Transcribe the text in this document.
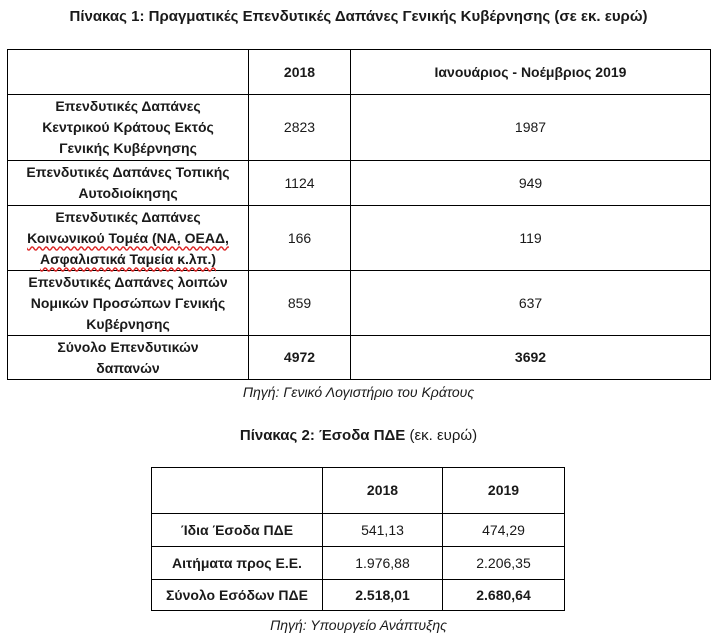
Πίνακας 1: Πραγματικές Επενδυτικές Δαπάνες Γενικής Κυβέρνησης (σε εκ. ευρώ)
	2018	Ιανουάριος - Νοέμβριος 2019

Επενδυτικές Δαπάνες
Κεντρικού Κράτους Εκτός
Γενικής Κυβέρνησης	2823	1987

Επενδυτικές Δαπάνες Τοπικής
Αυτοδιοίκησης	1124	949

Επενδυτικές Δαπάνες
Κοινωνικού Τομέα (ΝΑ, ΟΕΑΔ,
Ασφαλιστικά Ταμεία κ.λπ.)	166	119

Επενδυτικές Δαπάνες λοιπών
Νομικών Προσώπων Γενικής
Κυβέρνησης	859	637

Σύνολο Επενδυτικών
δαπανών	4972	3692
Πηγή: Γενικό Λογιστήριο του Κράτους
Πίνακας 2: Έσοδα ΠΔΕ (εκ. ευρώ)
	2018	2019
Ίδια Έσοδα ΠΔΕ	541,13	474,29
Αιτήματα προς Ε.Ε.	1.976,88	2.206,35
Σύνολο Εσόδων ΠΔΕ	2.518,01	2.680,64
Πηγή: Υπουργείο Ανάπτυξης
